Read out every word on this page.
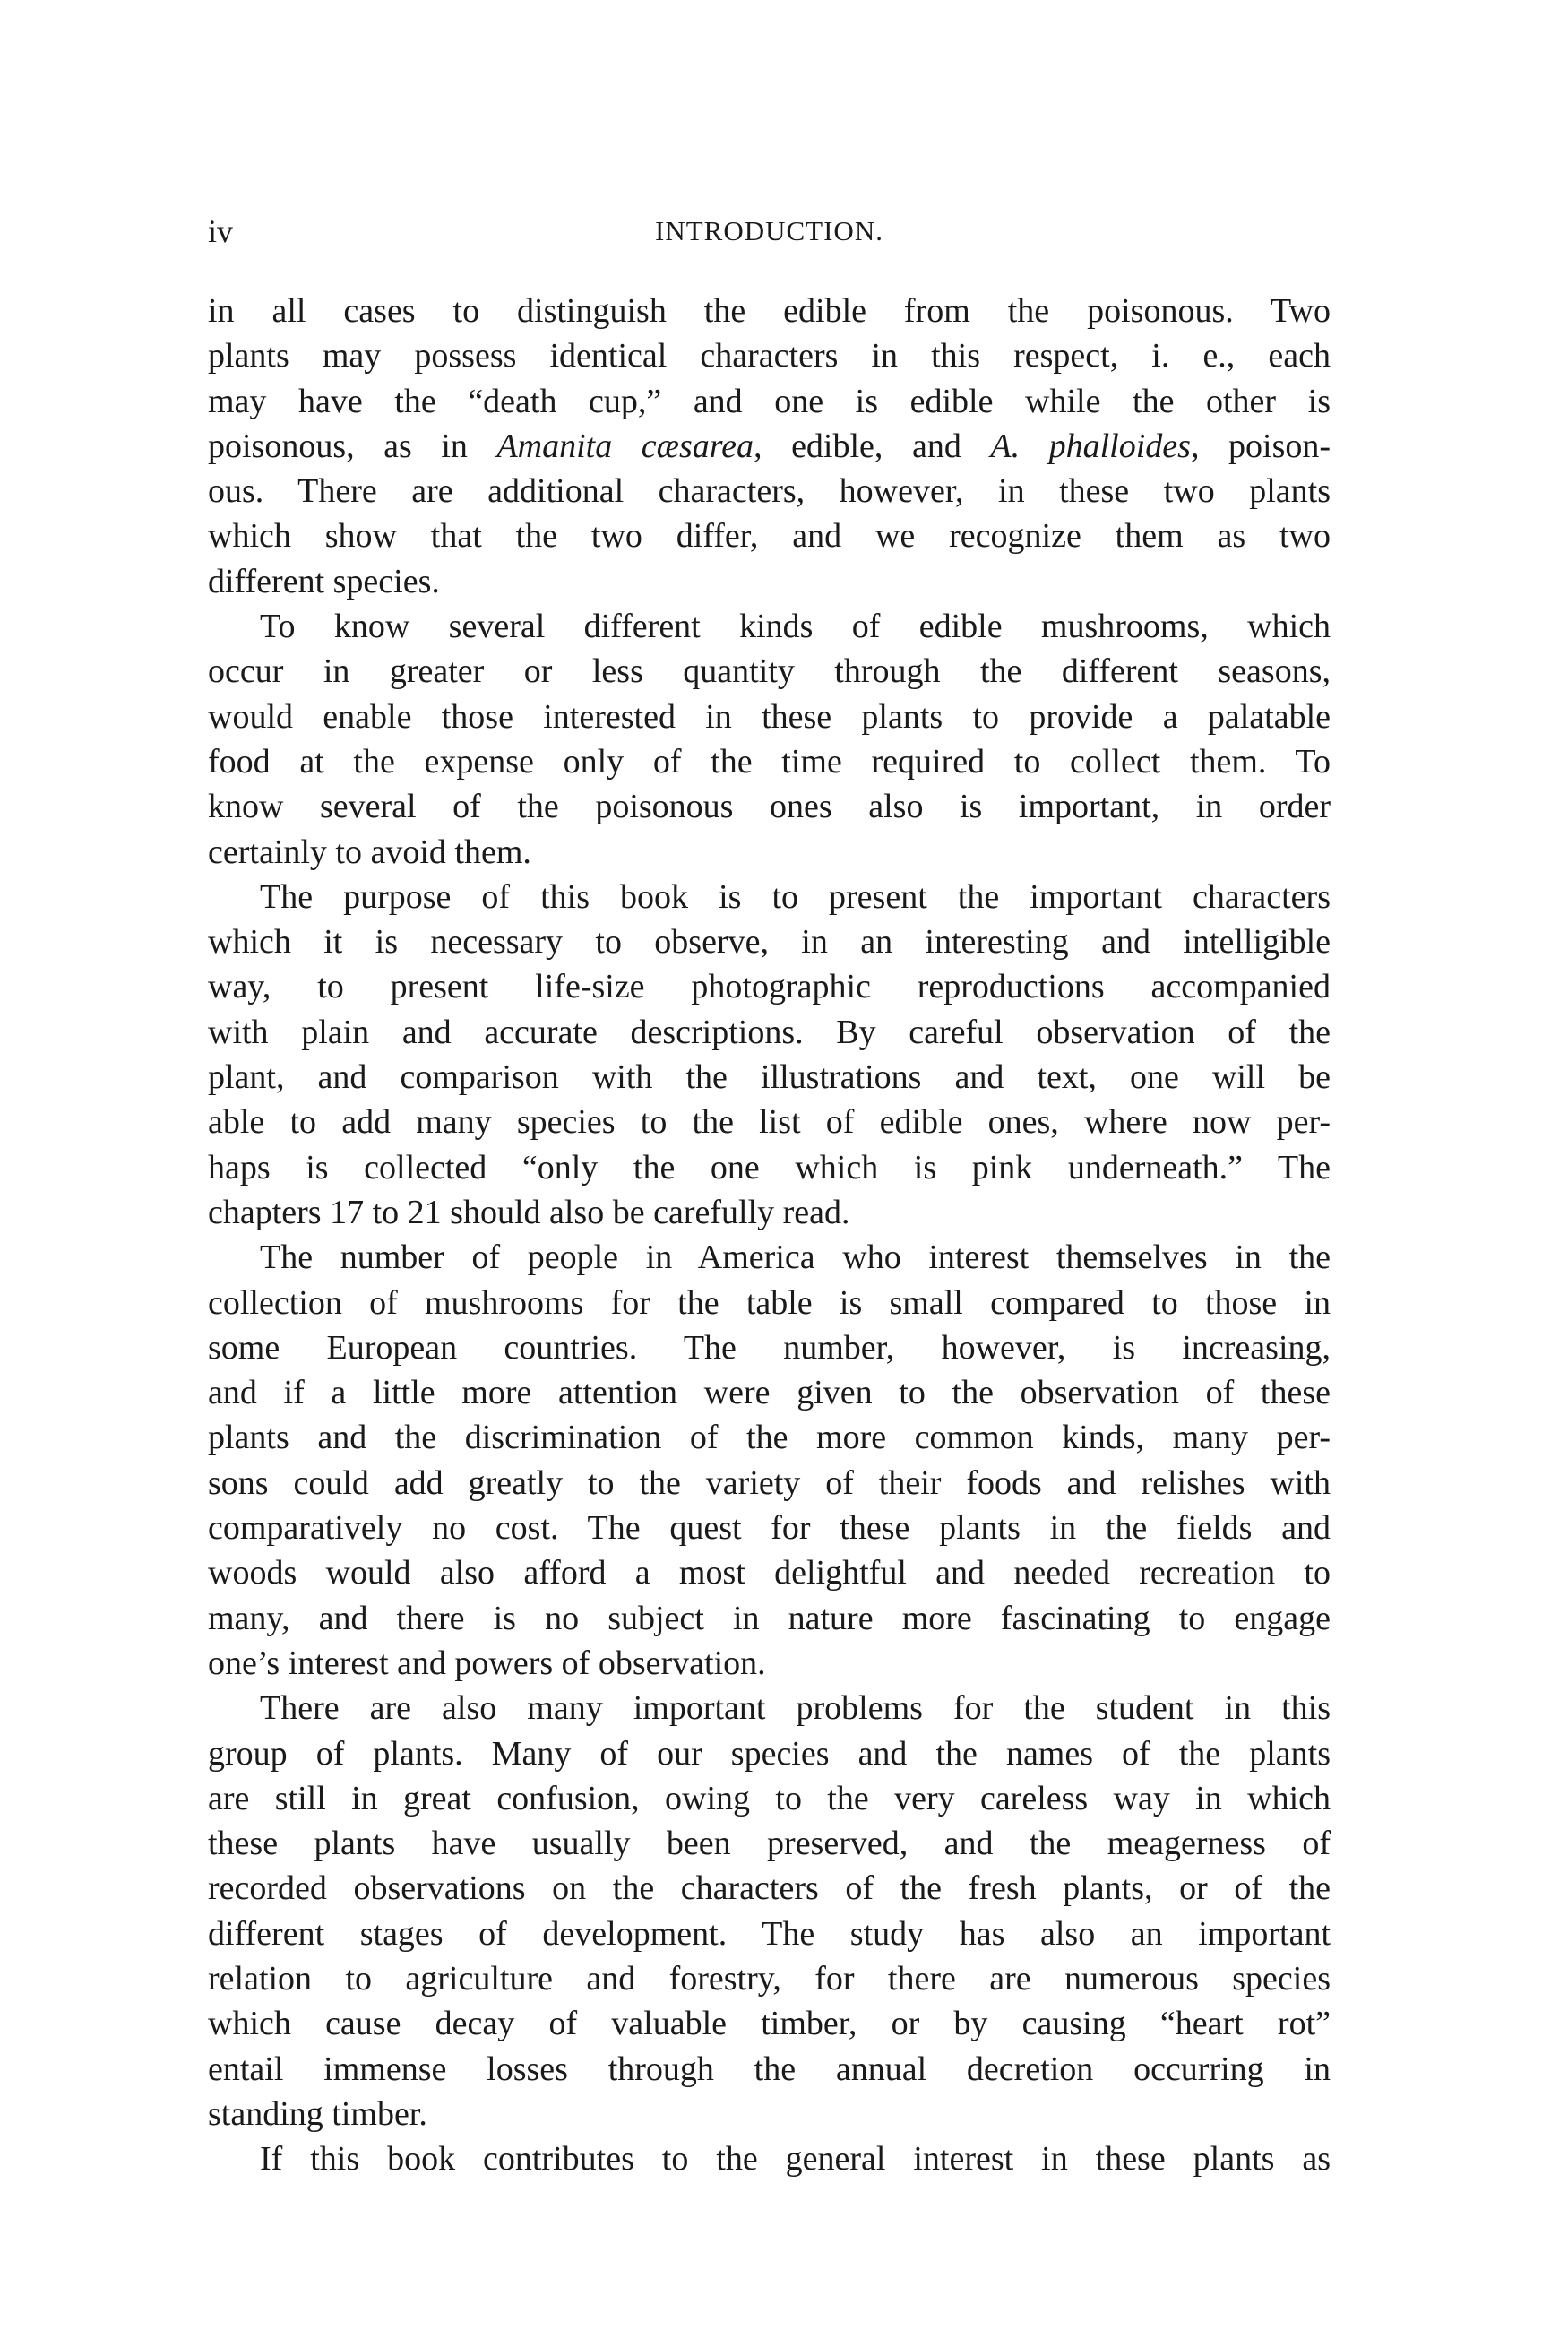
iv	INTRODUCTION.
in all cases to distinguish the edible from the poisonous. Two
plants may possess identical characters in this respect, i. e., each
may have the “death cup,” and one is edible while the other is
poisonous, as in Amanita cæsarea, edible, and A. phalloides, poison-
ous. There are additional characters, however, in these two plants
which show that the two differ, and we recognize them as two
different species.
To know several different kinds of edible mushrooms, which
occur in greater or less quantity through the different seasons,
would enable those interested in these plants to provide a palatable
food at the expense only of the time required to collect them. To
know several of the poisonous ones also is important, in order
certainly to avoid them.
The purpose of this book is to present the important characters
which it is necessary to observe, in an interesting and intelligible
way, to present life-size photographic reproductions accompanied
with plain and accurate descriptions. By careful observation of the
plant, and comparison with the illustrations and text, one will be
able to add many species to the list of edible ones, where now per-
haps is collected “only the one which is pink underneath.” The
chapters 17 to 21 should also be carefully read.
The number of people in America who interest themselves in the
collection of mushrooms for the table is small compared to those in
some European countries. The number, however, is increasing,
and if a little more attention were given to the observation of these
plants and the discrimination of the more common kinds, many per-
sons could add greatly to the variety of their foods and relishes with
comparatively no cost. The quest for these plants in the fields and
woods would also afford a most delightful and needed recreation to
many, and there is no subject in nature more fascinating to engage
one’s interest and powers of observation.
There are also many important problems for the student in this
group of plants. Many of our species and the names of the plants
are still in great confusion, owing to the very careless way in which
these plants have usually been preserved, and the meagerness of
recorded observations on the characters of the fresh plants, or of the
different stages of development. The study has also an important
relation to agriculture and forestry, for there are numerous species
which cause decay of valuable timber, or by causing “heart rot”
entail immense losses through the annual decretion occurring in
standing timber.
If this book contributes to the general interest in these plants as
